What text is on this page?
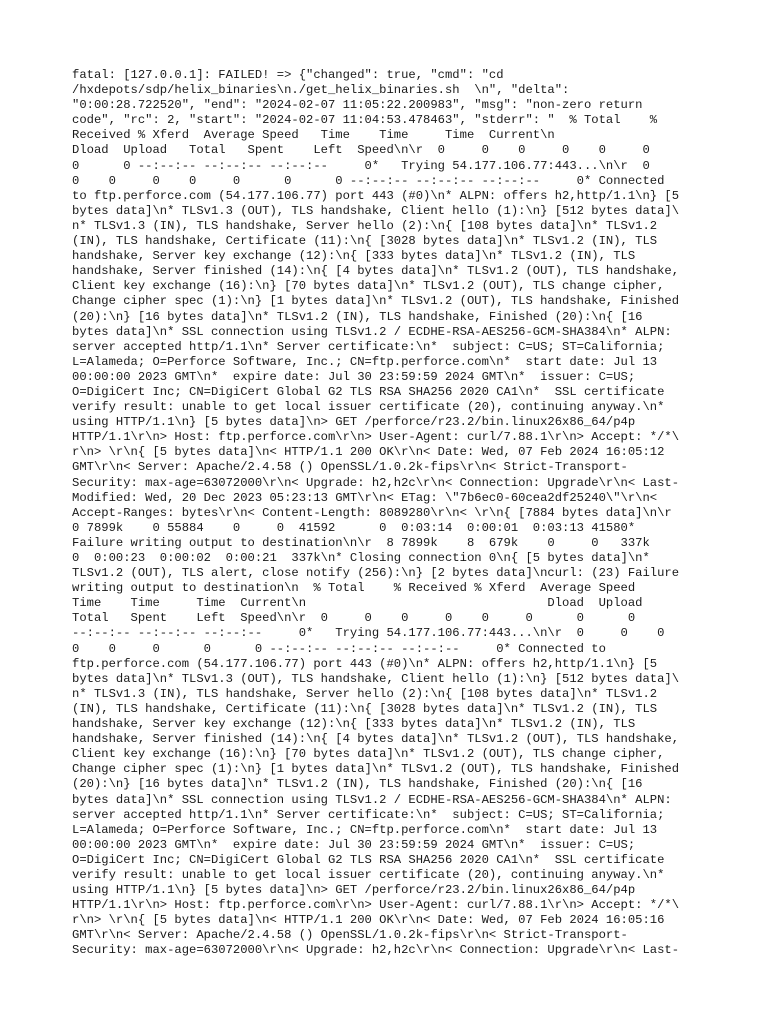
fatal: [127.0.0.1]: FAILED! => {"changed": true, "cmd": "cd
/hxdepots/sdp/helix_binaries\n./get_helix_binaries.sh  \n", "delta":
"0:00:28.722520", "end": "2024-02-07 11:05:22.200983", "msg": "non-zero return
code", "rc": 2, "start": "2024-02-07 11:04:53.478463", "stderr": "  % Total    %
Received % Xferd  Average Speed   Time    Time     Time  Current\n
Dload  Upload   Total   Spent    Left  Speed\n\r  0     0    0     0    0     0
0      0 --:--:-- --:--:-- --:--:--     0*   Trying 54.177.106.77:443...\n\r  0
0    0     0    0     0      0      0 --:--:-- --:--:-- --:--:--     0* Connected
to ftp.perforce.com (54.177.106.77) port 443 (#0)\n* ALPN: offers h2,http/1.1\n} [5
bytes data]\n* TLSv1.3 (OUT), TLS handshake, Client hello (1):\n} [512 bytes data]\
n* TLSv1.3 (IN), TLS handshake, Server hello (2):\n{ [108 bytes data]\n* TLSv1.2
(IN), TLS handshake, Certificate (11):\n{ [3028 bytes data]\n* TLSv1.2 (IN), TLS
handshake, Server key exchange (12):\n{ [333 bytes data]\n* TLSv1.2 (IN), TLS
handshake, Server finished (14):\n{ [4 bytes data]\n* TLSv1.2 (OUT), TLS handshake,
Client key exchange (16):\n} [70 bytes data]\n* TLSv1.2 (OUT), TLS change cipher,
Change cipher spec (1):\n} [1 bytes data]\n* TLSv1.2 (OUT), TLS handshake, Finished
(20):\n} [16 bytes data]\n* TLSv1.2 (IN), TLS handshake, Finished (20):\n{ [16
bytes data]\n* SSL connection using TLSv1.2 / ECDHE-RSA-AES256-GCM-SHA384\n* ALPN:
server accepted http/1.1\n* Server certificate:\n*  subject: C=US; ST=California;
L=Alameda; O=Perforce Software, Inc.; CN=ftp.perforce.com\n*  start date: Jul 13
00:00:00 2023 GMT\n*  expire date: Jul 30 23:59:59 2024 GMT\n*  issuer: C=US;
O=DigiCert Inc; CN=DigiCert Global G2 TLS RSA SHA256 2020 CA1\n*  SSL certificate
verify result: unable to get local issuer certificate (20), continuing anyway.\n*
using HTTP/1.1\n} [5 bytes data]\n> GET /perforce/r23.2/bin.linux26x86_64/p4p
HTTP/1.1\r\n> Host: ftp.perforce.com\r\n> User-Agent: curl/7.88.1\r\n> Accept: */*\
r\n> \r\n{ [5 bytes data]\n< HTTP/1.1 200 OK\r\n< Date: Wed, 07 Feb 2024 16:05:12
GMT\r\n< Server: Apache/2.4.58 () OpenSSL/1.0.2k-fips\r\n< Strict-Transport-
Security: max-age=63072000\r\n< Upgrade: h2,h2c\r\n< Connection: Upgrade\r\n< Last-
Modified: Wed, 20 Dec 2023 05:23:13 GMT\r\n< ETag: \"7b6ec0-60cea2df25240\"\r\n<
Accept-Ranges: bytes\r\n< Content-Length: 8089280\r\n< \r\n{ [7884 bytes data]\n\r
0 7899k    0 55884    0     0  41592      0  0:03:14  0:00:01  0:03:13 41580*
Failure writing output to destination\n\r  8 7899k    8  679k    0     0   337k
0  0:00:23  0:00:02  0:00:21  337k\n* Closing connection 0\n{ [5 bytes data]\n*
TLSv1.2 (OUT), TLS alert, close notify (256):\n} [2 bytes data]\ncurl: (23) Failure
writing output to destination\n  % Total    % Received % Xferd  Average Speed
Time    Time     Time  Current\n                                 Dload  Upload
Total   Spent    Left  Speed\n\r  0     0    0     0    0     0      0      0
--:--:-- --:--:-- --:--:--     0*   Trying 54.177.106.77:443...\n\r  0     0    0
0    0     0      0      0 --:--:-- --:--:-- --:--:--     0* Connected to
ftp.perforce.com (54.177.106.77) port 443 (#0)\n* ALPN: offers h2,http/1.1\n} [5
bytes data]\n* TLSv1.3 (OUT), TLS handshake, Client hello (1):\n} [512 bytes data]\
n* TLSv1.3 (IN), TLS handshake, Server hello (2):\n{ [108 bytes data]\n* TLSv1.2
(IN), TLS handshake, Certificate (11):\n{ [3028 bytes data]\n* TLSv1.2 (IN), TLS
handshake, Server key exchange (12):\n{ [333 bytes data]\n* TLSv1.2 (IN), TLS
handshake, Server finished (14):\n{ [4 bytes data]\n* TLSv1.2 (OUT), TLS handshake,
Client key exchange (16):\n} [70 bytes data]\n* TLSv1.2 (OUT), TLS change cipher,
Change cipher spec (1):\n} [1 bytes data]\n* TLSv1.2 (OUT), TLS handshake, Finished
(20):\n} [16 bytes data]\n* TLSv1.2 (IN), TLS handshake, Finished (20):\n{ [16
bytes data]\n* SSL connection using TLSv1.2 / ECDHE-RSA-AES256-GCM-SHA384\n* ALPN:
server accepted http/1.1\n* Server certificate:\n*  subject: C=US; ST=California;
L=Alameda; O=Perforce Software, Inc.; CN=ftp.perforce.com\n*  start date: Jul 13
00:00:00 2023 GMT\n*  expire date: Jul 30 23:59:59 2024 GMT\n*  issuer: C=US;
O=DigiCert Inc; CN=DigiCert Global G2 TLS RSA SHA256 2020 CA1\n*  SSL certificate
verify result: unable to get local issuer certificate (20), continuing anyway.\n*
using HTTP/1.1\n} [5 bytes data]\n> GET /perforce/r23.2/bin.linux26x86_64/p4p
HTTP/1.1\r\n> Host: ftp.perforce.com\r\n> User-Agent: curl/7.88.1\r\n> Accept: */*\
r\n> \r\n{ [5 bytes data]\n< HTTP/1.1 200 OK\r\n< Date: Wed, 07 Feb 2024 16:05:16
GMT\r\n< Server: Apache/2.4.58 () OpenSSL/1.0.2k-fips\r\n< Strict-Transport-
Security: max-age=63072000\r\n< Upgrade: h2,h2c\r\n< Connection: Upgrade\r\n< Last-
